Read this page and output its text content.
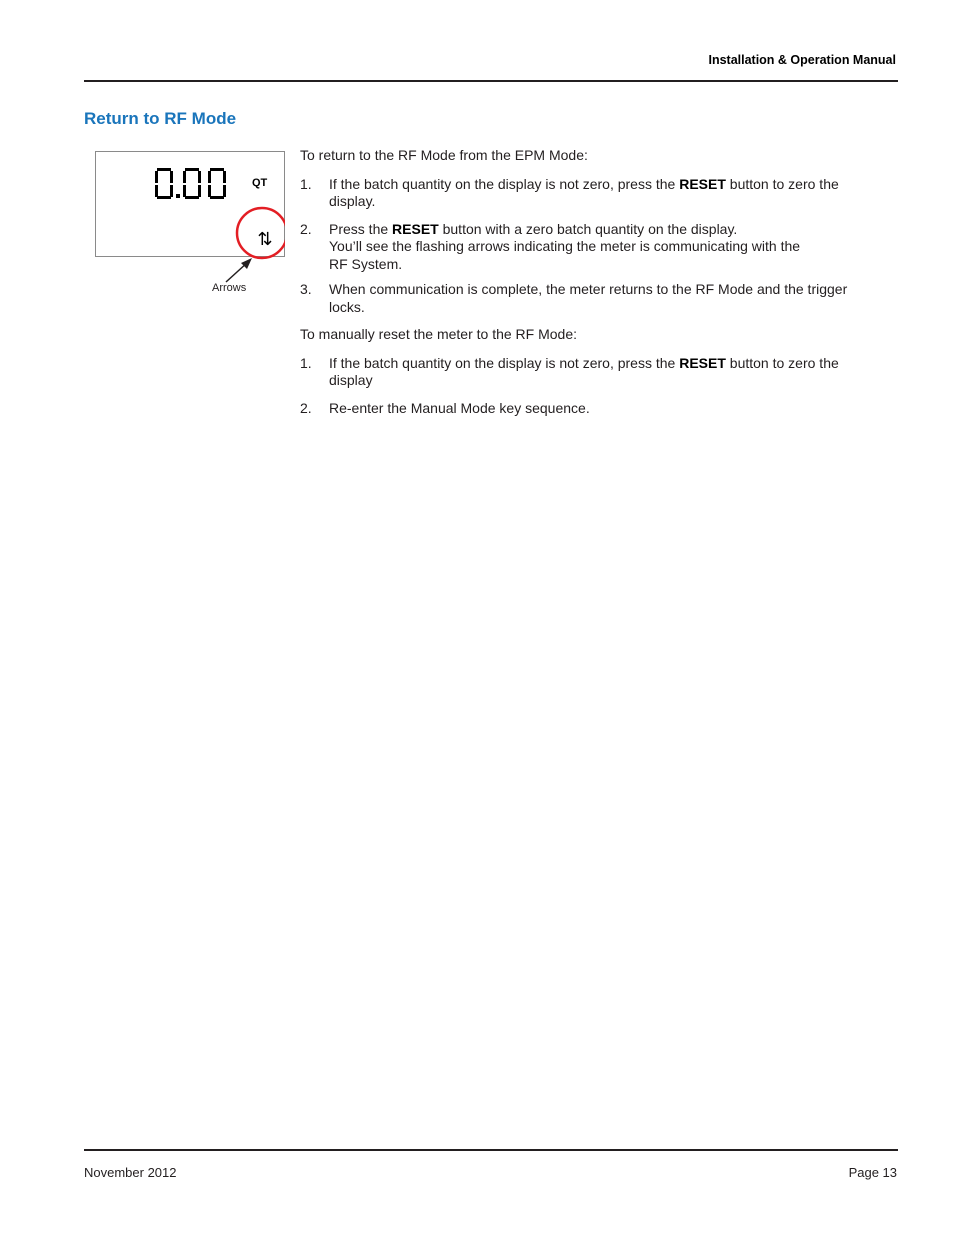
Installation & Operation Manual
Return to RF Mode
QT
⇅
Arrows

To return to the RF Mode from the EPM Mode:

1. If the batch quantity on the display is not zero, press the RESET button to zero the display.
2. Press the RESET button with a zero batch quantity on the display.
You’ll see the flashing arrows indicating the meter is communicating with the
RF System.
3. When communication is complete, the meter returns to the RF Mode and the trigger locks.

To manually reset the meter to the RF Mode:

1. If the batch quantity on the display is not zero, press the RESET button to zero the display
2. Re-enter the Manual Mode key sequence.
November 2012	Page 13
